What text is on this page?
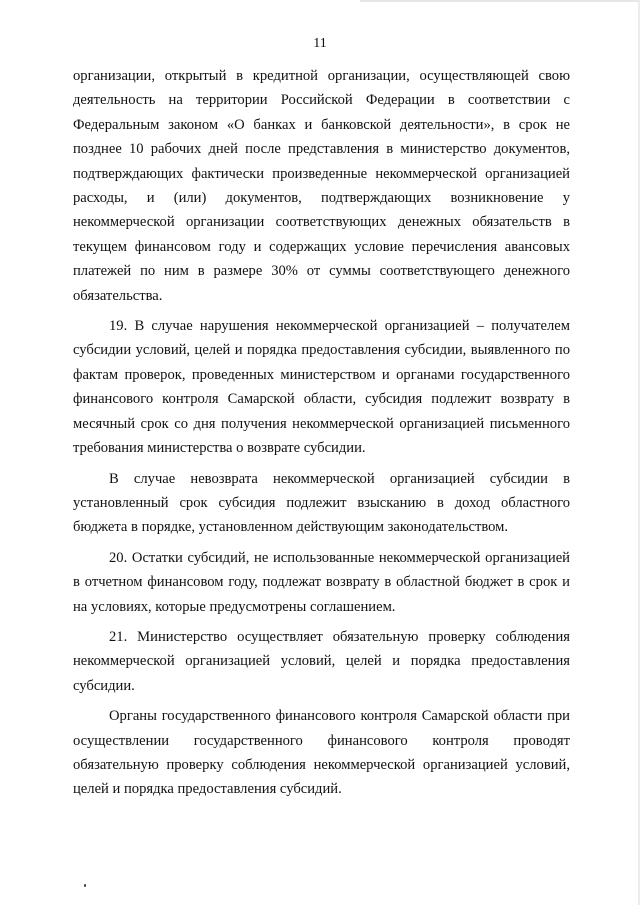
11

организации, открытый в кредитной организации, осуществляющей свою деятельность на территории Российской Федерации в соответствии с Федеральным законом «О банках и банковской деятельности», в срок не позднее 10 рабочих дней после представления в министерство документов, подтверждающих фактически произведенные некоммерческой организацией расходы, и (или) документов, подтверждающих возникновение у некоммерческой организации соответствующих денежных обязательств в текущем финансовом году и содержащих условие перечисления авансовых платежей по ним в размере 30% от суммы соответствующего денежного обязательства.

19. В случае нарушения некоммерческой организацией – получателем субсидии условий, целей и порядка предоставления субсидии, выявленного по фактам проверок, проведенных министерством и органами государственного финансового контроля Самарской области, субсидия подлежит возврату в месячный срок со дня получения некоммерческой организацией письменного требования министерства о возврате субсидии.

В случае невозврата некоммерческой организацией субсидии в установленный срок субсидия подлежит взысканию в доход областного бюджета в порядке, установленном действующим законодательством.

20. Остатки субсидий, не использованные некоммерческой организацией в отчетном финансовом году, подлежат возврату в областной бюджет в срок и на условиях, которые предусмотрены соглашением.

21. Министерство осуществляет обязательную проверку соблюдения некоммерческой организацией условий, целей и порядка предоставления субсидии.

Органы государственного финансового контроля Самарской области при осуществлении государственного финансового контроля проводят обязательную проверку соблюдения некоммерческой организацией условий, целей и порядка предоставления субсидий.
